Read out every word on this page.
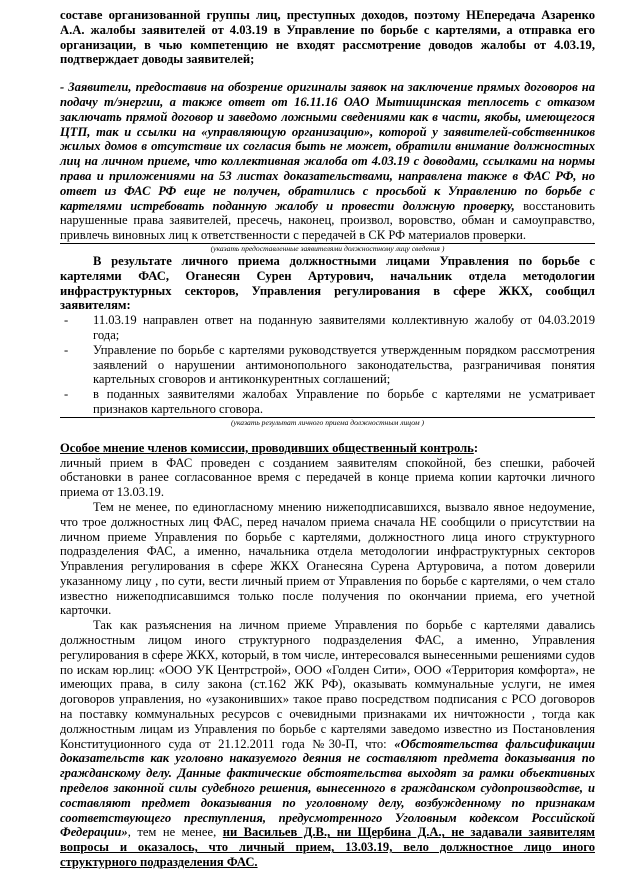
составе организованной группы лиц, преступных доходов, поэтому НЕпередача Азаренко А.А. жалобы заявителей от 4.03.19 в Управление по борьбе с картелями, а отправка его организации, в чью компетенцию не входят рассмотрение доводов жалобы от 4.03.19, подтверждает доводы заявителей;

- Заявители, предоставив на обозрение оригиналы заявок на заключение прямых договоров на подачу т/энергии, а также ответ от 16.11.16 ОАО Мытищинская теплосеть с отказом заключать прямой договор и заведомо ложными сведениями как в части, якобы, имеющегося ЦТП, так и ссылки на «управляющую организацию», которой у заявителей-собственников жилых домов в отсутствие их согласия быть не может, обратили внимание должностных лиц на личном приеме, что коллективная жалоба от 4.03.19 с доводами, ссылками на нормы права и приложениями на 53 листах доказательствами, направлена также в ФАС РФ, но ответ из ФАС РФ еще не получен, обратились с просьбой к Управлению по борьбе с картелями истребовать поданную жалобу и провести должную проверку, восстановить нарушенные права заявителей, пресечь, наконец, произвол, воровство, обман и самоуправство, привлечь виновных лиц к ответственности с передачей в СК РФ материалов проверки.

(указать предоставленные заявителями должностному лицу сведения )

В результате личного приема должностными лицами Управления по борьбе с картелями ФАС, Оганесян Сурен Артурович, начальник отдела методологии инфраструктурных секторов, Управления регулирования в сфере ЖКХ, сообщил заявителям:

-	11.03.19 направлен ответ на поданную заявителями коллективную жалобу от 04.03.2019 года;
-	Управление по борьбе с картелями руководствуется утвержденным порядком рассмотрения заявлений о нарушении антимонопольного законодательства, разграничивая понятия картельных сговоров и антиконкурентных соглашений;
-	в поданных заявителями жалобах Управление по борьбе с картелями не усматривает признаков картельного сговора.

(указать результат личного приема должностным лицом )

Особое мнение членов комиссии, проводивших общественный контроль:

личный прием в ФАС проведен с созданием заявителям спокойной, без спешки, рабочей обстановки в ранее согласованное время с передачей в конце приема копии карточки личного приема от 13.03.19.

Тем не менее, по единогласному мнению нижеподписавшихся, вызвало явное недоумение, что трое должностных лиц ФАС, перед началом приема сначала НЕ сообщили о присутствии на личном приеме Управления по борьбе с картелями, должностного лица иного структурного подразделения ФАС, а именно, начальника отдела методологии инфраструктурных секторов Управления регулирования в сфере ЖКХ Оганесяна Сурена Артуровича, а потом доверили указанному лицу , по сути, вести личный прием от Управления по борьбе с картелями, о чем стало известно нижеподписавшимся только после получения по окончании приема, его учетной карточки.

Так как разъяснения на личном приеме Управления по борьбе с картелями давались должностным лицом иного структурного подразделения ФАС, а именно, Управления регулирования в сфере ЖКХ, который, в том числе, интересовался вынесенными решениями судов по искам юр.лиц: «ООО УК Центрстрой», ООО «Голден Сити», ООО «Территория комфорта», не имеющих права, в силу закона (ст.162 ЖК РФ), оказывать коммунальные услуги, не имея договоров управления, но «узаконивших» такое право посредством подписания с РСО договоров на поставку коммунальных ресурсов с очевидными признаками их ничтожности , тогда как должностным лицам из Управления по борьбе с картелями заведомо известно из Постановления Конституционного суда от 21.12.2011 года №30-П, что: «Обстоятельства фальсификации доказательств как уголовно наказуемого деяния не составляют предмета доказывания по гражданскому делу. Данные фактические обстоятельства выходят за рамки объективных пределов законной силы судебного решения, вынесенного в гражданском судопроизводстве, и составляют предмет доказывания по уголовному делу, возбужденному по признакам соответствующего преступления, предусмотренного Уголовным кодексом Российской Федерации», тем не менее, ни Васильев Д.В., ни Щербина Д.А., не задавали заявителям вопросы и оказалось, что личный прием, 13.03.19, вело должностное лицо иного структурного подразделения ФАС.
